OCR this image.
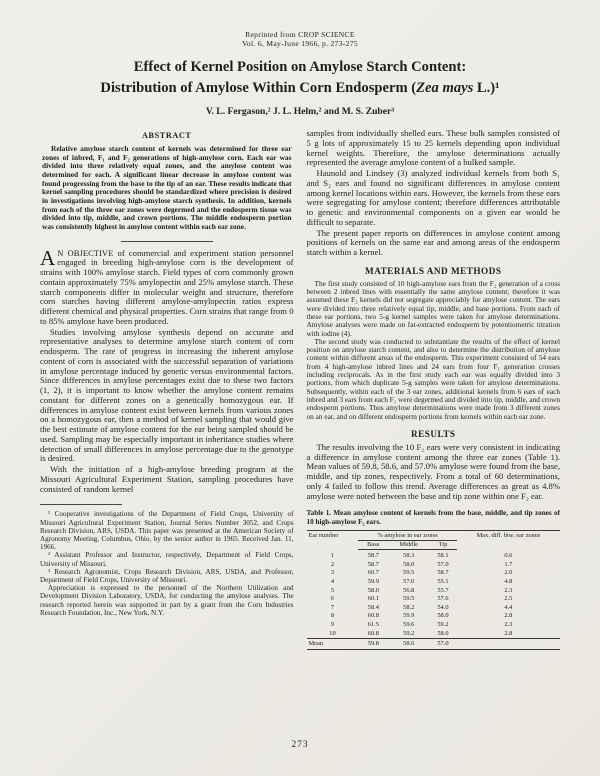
Reprinted from CROP SCIENCE
Vol. 6, May-June 1966, p. 273-275
Effect of Kernel Position on Amylose Starch Content:
Distribution of Amylose Within Corn Endosperm (Zea mays L.)¹
V. L. Fergason,² J. L. Helm,² and M. S. Zuber³
ABSTRACT

Relative amylose starch content of kernels was determined for three ear zones of inbred, F₁ and F₂ generations of high-amylose corn. Each ear was divided into three relatively equal zones, and the amylose content was determined for each. A significant linear decrease in amylose content was found progressing from the base to the tip of an ear. These results indicate that kernel sampling procedures should be standardized where precision is desired in investigations involving high-amylose starch synthesis. In addition, kernels from each of the three ear zones were degermed and the endosperm tissue was divided into tip, middle, and crown portions. The middle endosperm portion was consistently highest in amylose content within each ear zone.

A N OBJECTIVE of commercial and experiment station personnel engaged in breeding high-amylose corn is the development of strains with 100% amylose starch. Field types of corn commonly grown contain approximately 75% amylopectin and 25% amylose starch. These starch components differ in molecular weight and structure, therefore corn starches having different amylose-amylopectin ratios express different chemical and physical properties. Corn strains that range from 0 to 85% amylose have been produced.

Studies involving amylose synthesis depend on accurate and representative analyses to determine amylose starch content of corn endosperm. The rate of progress in increasing the inherent amylose content of corn is associated with the successful separation of variations in amylose percentage induced by genetic versus environmental factors. Since differences in amylose percentages exist due to these two factors (1, 2), it is important to know whether the amylose content remains constant for different zones on a genetically homozygous ear. If differences in amylose content exist between kernels from various zones on a homozygous ear, then a method of kernel sampling that would give the best estimate of amylose content for the ear being sampled should be used. Sampling may be especially important in inheritance studies where detection of small differences in amylose percentage due to the genotype is desired.

With the initiation of a high-amylose breeding program at the Missouri Agricultural Experiment Station, sampling procedures have consisted of random kernel

¹ Cooperative investigations of the Department of Field Crops, University of Missouri Agricultural Experiment Station, Journal Series Number 3052, and Crops Research Division, ARS, USDA. This paper was presented at the American Society of Agronomy Meeting, Columbus, Ohio, by the senior author in 1965. Received Jan. 11, 1966.

² Assistant Professor and Instructor, respectively, Department of Field Crops, University of Missouri.

³ Research Agronomist, Crops Research Division, ARS, USDA, and Professor, Department of Field Crops, University of Missouri.

Appreciation is expressed to the personnel of the Northern Utilization and Development Division Laboratory, USDA, for conducting the amylose analyses. The research reported herein was supported in part by a grant from the Corn Industries Research Foundation, Inc., New York, N.Y.

samples from individually shelled ears. These bulk samples consisted of 5 g lots of approximately 15 to 25 kernels depending upon individual kernel weights. Therefore, the amylose determinations actually represented the average amylose content of a bulked sample.

Haunold and Lindsey (3) analyzed individual kernels from both S₁ and S₂ ears and found no significant differences in amylose content among kernel locations within ears. However, the kernels from these ears were segregating for amylose content; therefore differences attributable to genetic and environmental components on a given ear would be difficult to separate.

The present paper reports on differences in amylose content among positions of kernels on the same ear and among areas of the endosperm starch within a kernel.

MATERIALS AND METHODS

The first study consisted of 10 high-amylose ears from the F₂ generation of a cross between 2 inbred lines with essentially the same amylose content; therefore it was assumed these F₂ kernels did not segregate appreciably for amylose content. The ears were divided into three relatively equal tip, middle, and base portions. From each of these ear portions, two 5-g kernel samples were taken for amylose determinations. Amylose analyses were made on fat-extracted endosperm by potentiometric titration with iodine (4).

The second study was conducted to substantiate the results of the effect of kernel position on amylose starch content, and also to determine the distribution of amylose content within different areas of the endosperm. This experiment consisted of 54 ears from 4 high-amylose inbred lines and 24 ears from four F₁ generation crosses including reciprocals. As in the first study each ear was equally divided into 3 portions, from which duplicate 5-g samples were taken for amylose determinations. Subsequently, within each of the 3 ear zones, additional kernels from 6 ears of each inbred and 3 ears from each F₁ were degermed and divided into tip, middle, and crown endosperm portions. Thus amylose determinations were made from 3 different zones on an ear, and on different endosperm portions from kernels within each ear zone.

RESULTS

The results involving the 10 F₂ ears were very consistent in indicating a difference in amylose content among the three ear zones (Table 1). Mean values of 59.8, 58.6, and 57.0% amylose were found from the base, middle, and tip zones, respectively. From a total of 60 determinations, only 4 failed to follow this trend. Average differences as great as 4.8% amylose were noted between the base and tip zone within one F₂ ear.

Table 1. Mean amylose content of kernels from the base, middle, and tip zones of 10 high-amylose F₂ ears.

Ear number	% amylose in ear zones			Max. diff. btw. ear zones
	Base	Middle	Tip	
1	58.7	58.3	58.1	0.6
2	58.7	58.0	57.0	1.7
3	60.7	59.5	58.7	2.0
4	59.9	57.0	55.1	4.8
5	58.0	56.8	55.7	2.3
6	60.1	59.5	57.6	2.5
7	58.4	58.2	54.0	4.4
8	60.8	59.9	58.0	2.8
9	61.5	59.6	59.2	2.3
10	60.8	59.2	58.0	2.8
Mean	59.8	58.6	57.0	
273
